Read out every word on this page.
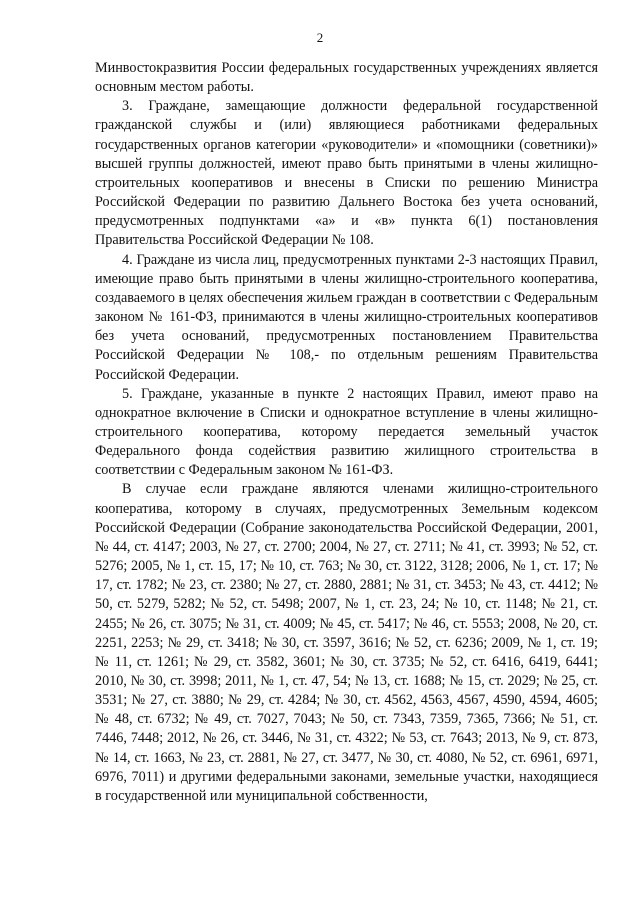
2

Минвостокразвития России федеральных государственных учреждениях является основным местом работы.

3. Граждане, замещающие должности федеральной государственной гражданской службы и (или) являющиеся работниками федеральных государственных органов категории «руководители» и «помощники (советники)» высшей группы должностей, имеют право быть принятыми в члены жилищно-строительных кооперативов и внесены в Списки по решению Министра Российской Федерации по развитию Дальнего Востока без учета оснований, предусмотренных подпунктами «а» и «в» пункта 6(1) постановления Правительства Российской Федерации № 108.

4. Граждане из числа лиц, предусмотренных пунктами 2-3 настоящих Правил, имеющие право быть принятыми в члены жилищно-строительного кооператива, создаваемого в целях обеспечения жильем граждан в соответствии с Федеральным законом № 161-ФЗ, принимаются в члены жилищно-строительных кооперативов без учета оснований, предусмотренных постановлением Правительства Российской Федерации № 108,- по отдельным решениям Правительства Российской Федерации.

5. Граждане, указанные в пункте 2 настоящих Правил, имеют право на однократное включение в Списки и однократное вступление в члены жилищно-строительного кооператива, которому передается земельный участок Федерального фонда содействия развитию жилищного строительства в соответствии с Федеральным законом № 161-ФЗ.

В случае если граждане являются членами жилищно-строительного кооператива, которому в случаях, предусмотренных Земельным кодексом Российской Федерации (Собрание законодательства Российской Федерации, 2001, № 44, ст. 4147; 2003, № 27, ст. 2700; 2004, № 27, ст. 2711; № 41, ст. 3993; № 52, ст. 5276; 2005, № 1, ст. 15, 17; № 10, ст. 763; № 30, ст. 3122, 3128; 2006, № 1, ст. 17; № 17, ст. 1782; № 23, ст. 2380; № 27, ст. 2880, 2881; № 31, ст. 3453; № 43, ст. 4412; № 50, ст. 5279, 5282; № 52, ст. 5498; 2007, № 1, ст. 23, 24; № 10, ст. 1148; № 21, ст. 2455; № 26, ст. 3075; № 31, ст. 4009; № 45, ст. 5417; № 46, ст. 5553; 2008, № 20, ст. 2251, 2253; № 29, ст. 3418; № 30, ст. 3597, 3616; № 52, ст. 6236; 2009, № 1, ст. 19; № 11, ст. 1261; № 29, ст. 3582, 3601; № 30, ст. 3735; № 52, ст. 6416, 6419, 6441; 2010, № 30, ст. 3998; 2011, № 1, ст. 47, 54; № 13, ст. 1688; № 15, ст. 2029; № 25, ст. 3531; № 27, ст. 3880; № 29, ст. 4284; № 30, ст. 4562, 4563, 4567, 4590, 4594, 4605; № 48, ст. 6732; № 49, ст. 7027, 7043; № 50, ст. 7343, 7359, 7365, 7366; № 51, ст. 7446, 7448; 2012, № 26, ст. 3446, № 31, ст. 4322; № 53, ст. 7643; 2013, № 9, ст. 873, № 14, ст. 1663, № 23, ст. 2881, № 27, ст. 3477, № 30, ст. 4080, № 52, ст. 6961, 6971, 6976, 7011) и другими федеральными законами, земельные участки, находящиеся в государственной или муниципальной собственности,
